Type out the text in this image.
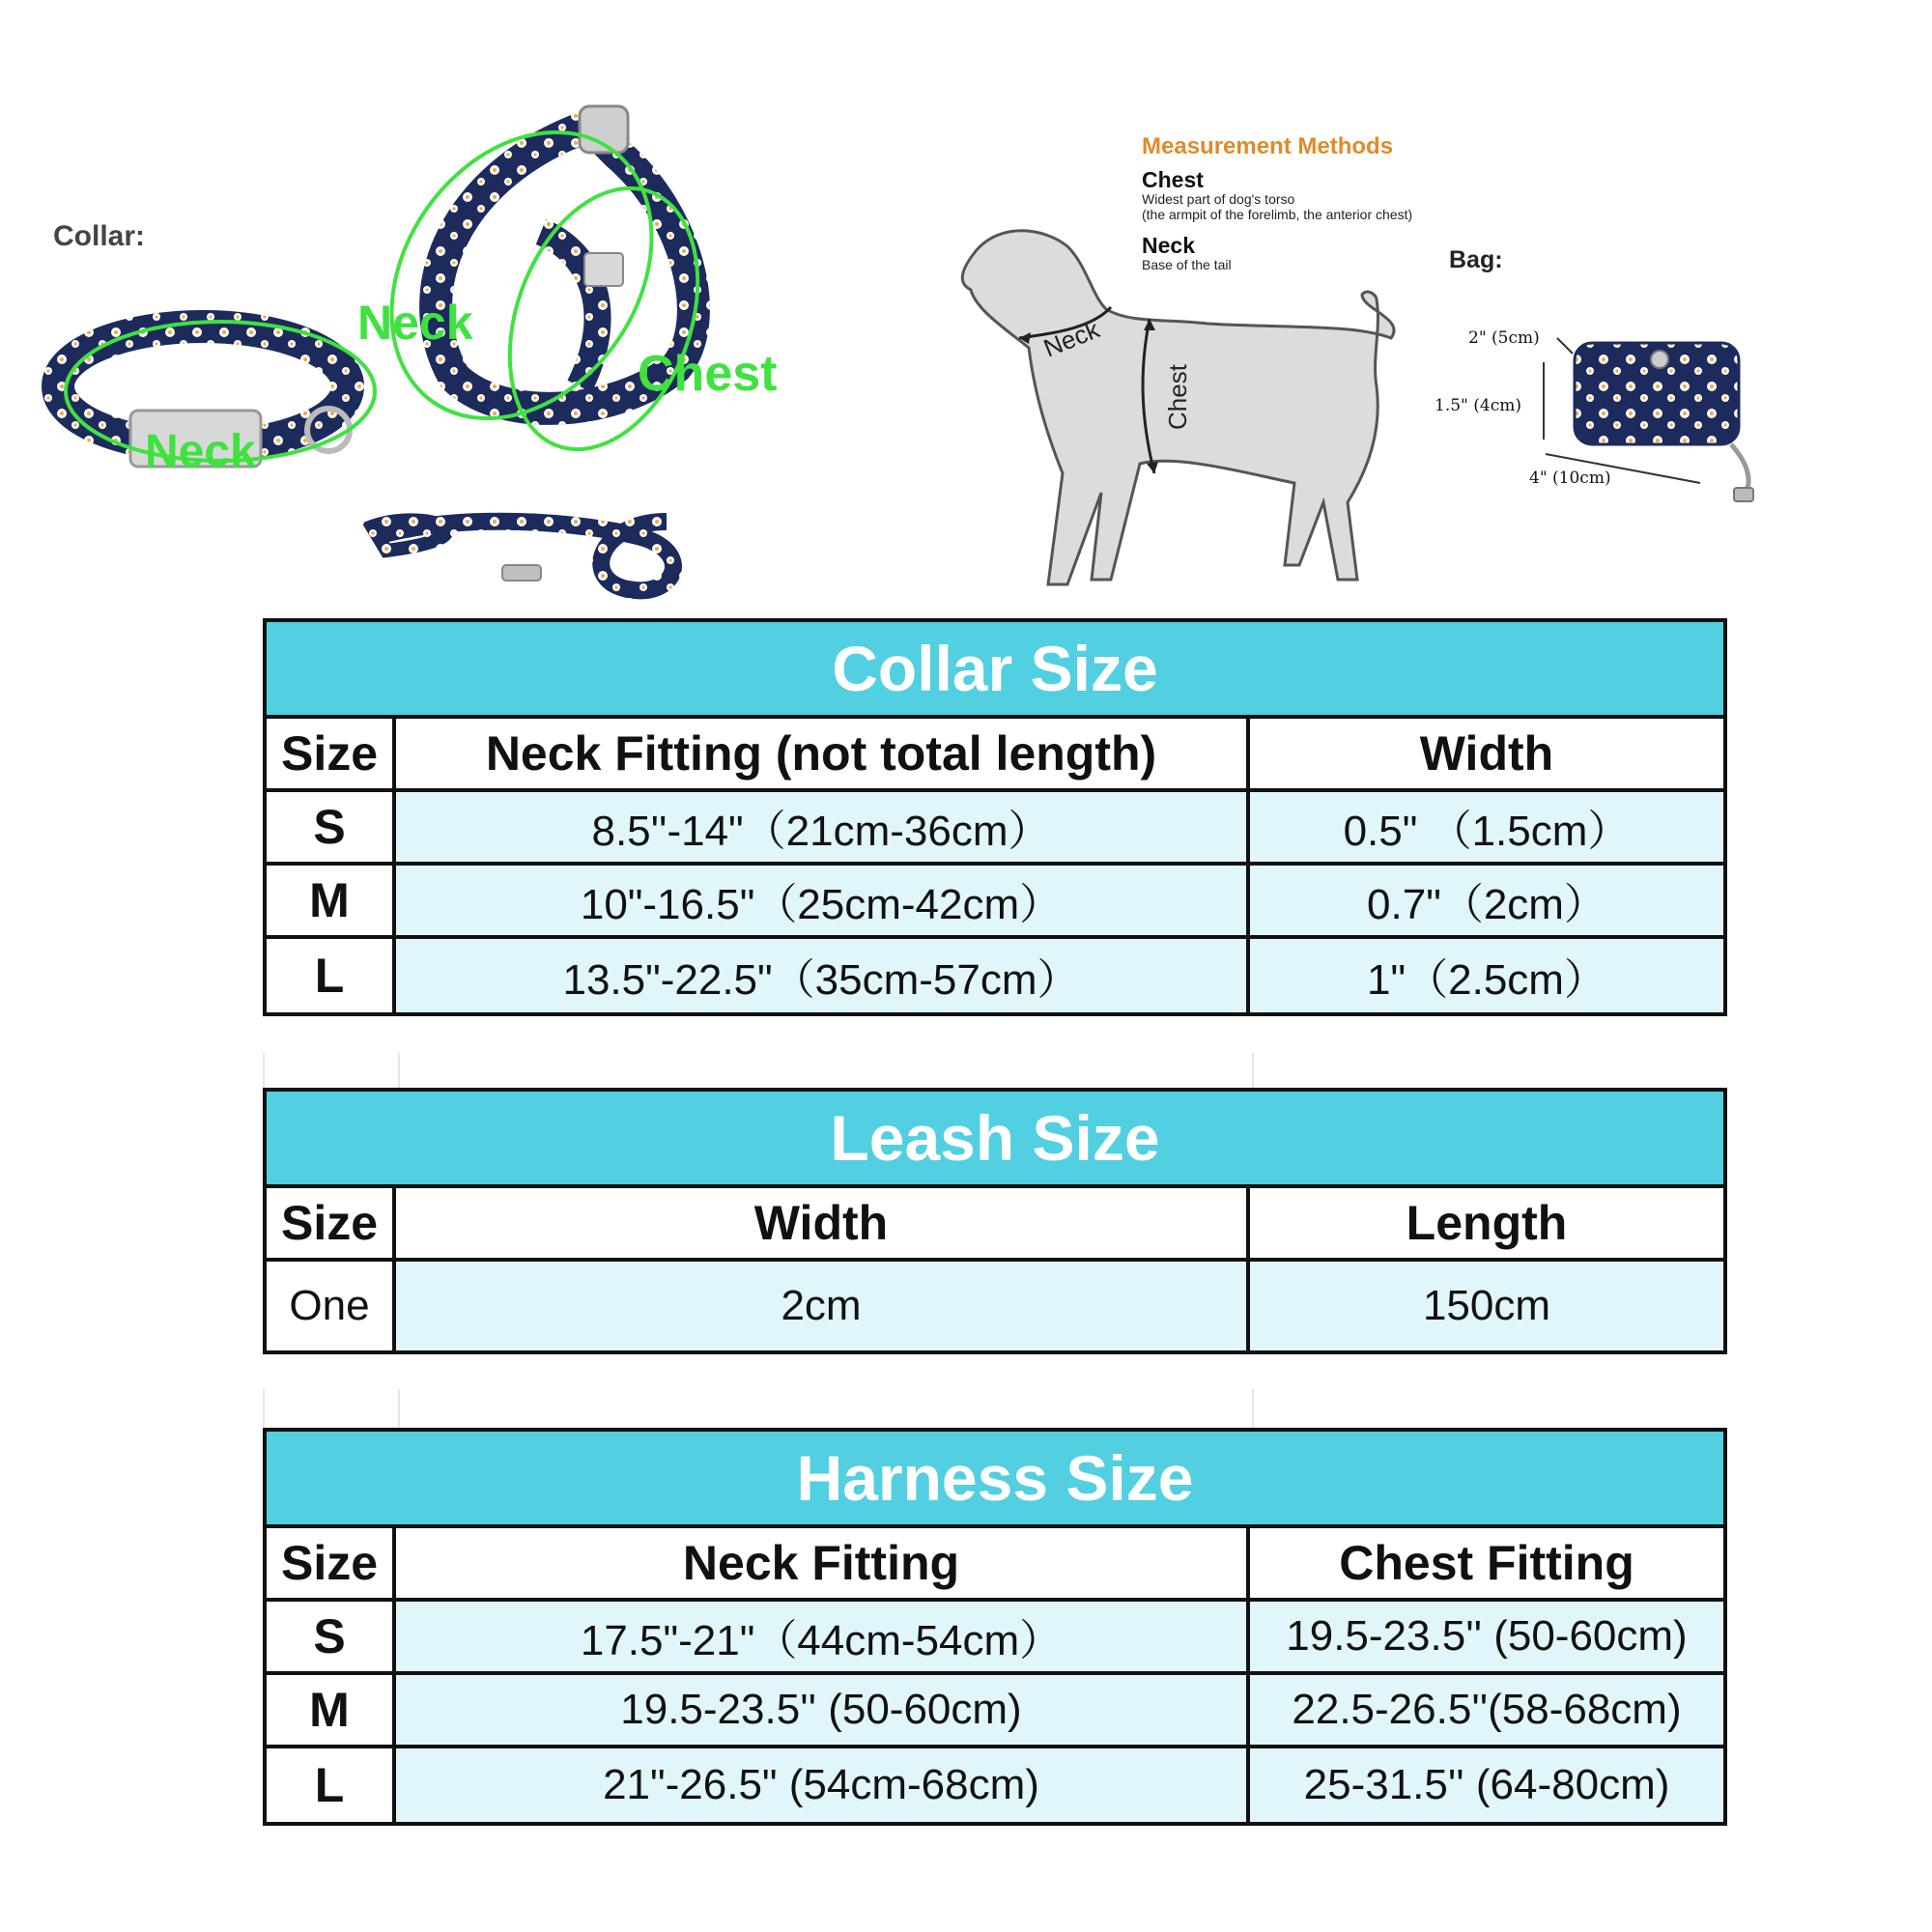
Neck
Chest
Collar:
Bag:
Neck
Neck
Chest
Measurement Methods
Chest
Widest part of dog's torso
(the armpit of the forelimb, the anterior chest)
Neck
Base of the tail
2" (5cm)
1.5" (4cm)
4" (10cm)
Collar Size
Size	Neck Fitting (not total length)	Width
S	8.5''-14"（21cm-36cm）	0.5" （1.5cm）
M	10"-16.5"（25cm-42cm）	0.7"（2cm）
L	13.5"-22.5"（35cm-57cm）	1"（2.5cm）
Leash Size
Size	Width	Length
One	2cm	150cm
Harness Size
Size	Neck Fitting	Chest Fitting
S	17.5"-21"（44cm-54cm）	19.5-23.5'' (50-60cm)
M	19.5-23.5'' (50-60cm)	22.5-26.5''(58-68cm)
L	21"-26.5" (54cm-68cm)	25-31.5'' (64-80cm)
